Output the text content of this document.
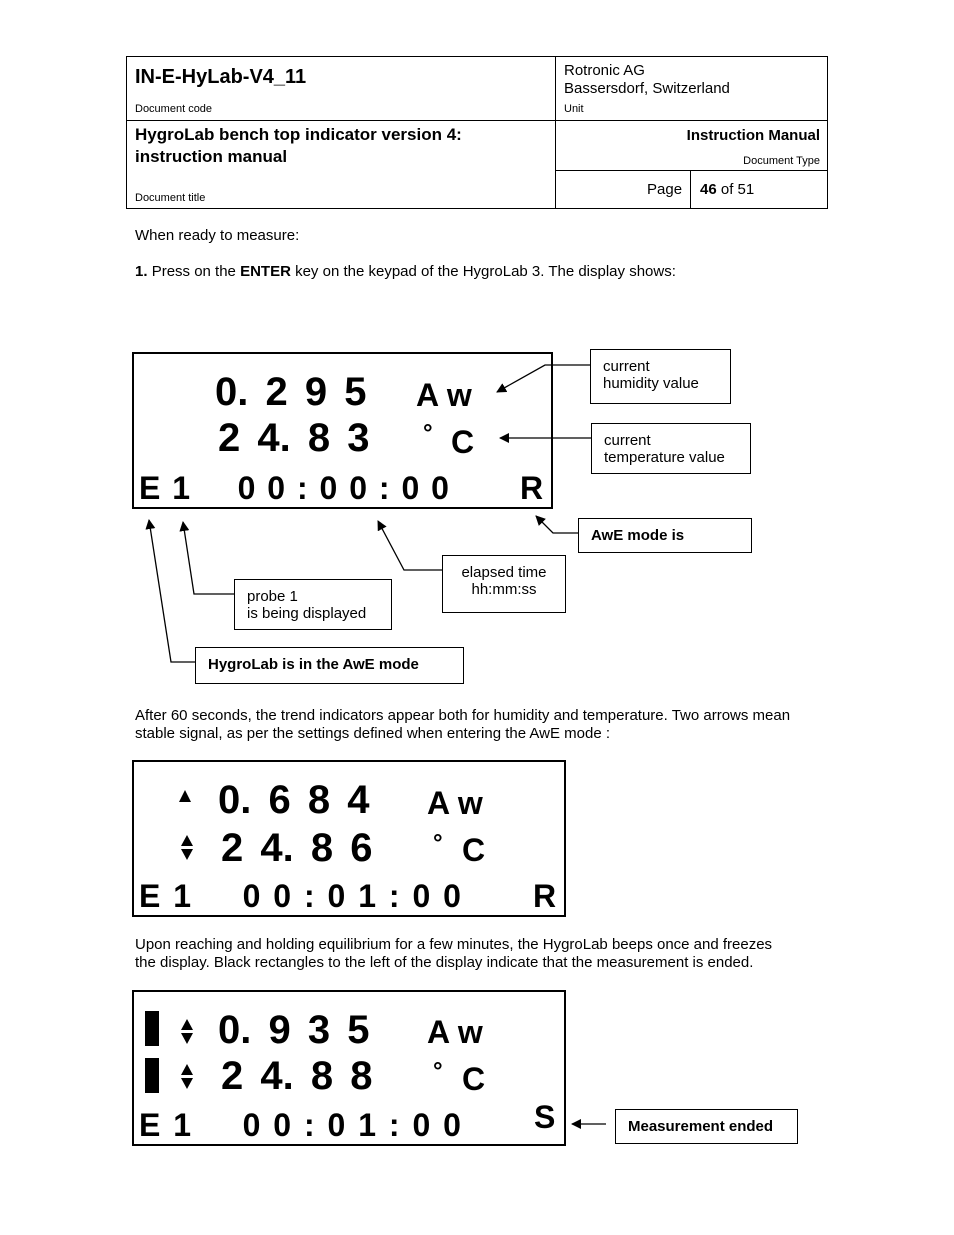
IN-E-HyLab-V4_11
Document code
Rotronic AG
Bassersdorf, Switzerland
Unit
HygroLab bench top indicator version 4:
instruction manual
Document title
Instruction Manual
Document Type
Page 46 of 51
When ready to measure:
1. Press on the ENTER key on the keypad of the HygroLab 3. The display shows:
0. 2 9 5 A w
2 4. 8 3 ° C
E 1    0 0 : 0 0 : 0 0 R
current
humidity value
current
temperature value
AwE mode is
elapsed time
hh:mm:ss
probe 1
is being displayed
HygroLab is in the AwE mode
After 60 seconds, the trend indicators appear both for humidity and temperature. Two arrows mean
stable signal, as per the settings defined when entering the AwE mode :
0. 6 8 4 A w
2 4. 8 6	° C
E 1    0 0 : 0 1 : 0 0 R
Upon reaching and holding equilibrium for a few minutes, the HygroLab beeps once and freezes
the display. Black rectangles to the left of the display indicate that the measurement is ended.
0. 9 3 5 A w
2 4. 8 8	° C
E 1    0 0 : 0 1 : 0 0 S	Measurement ended
